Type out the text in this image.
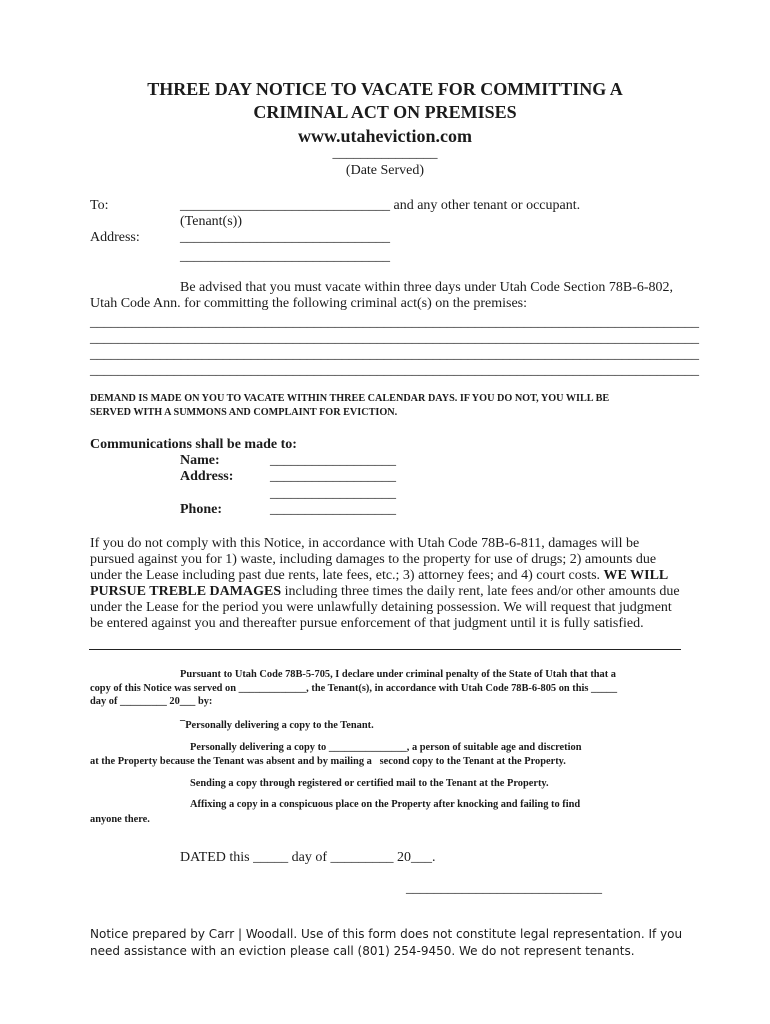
THREE DAY NOTICE TO VACATE FOR COMMITTING A
CRIMINAL ACT ON PREMISES
www.utaheviction.com
_______________
(Date Served)
To:	______________________________ and any other tenant or occupant.
(Tenant(s))
Address:	______________________________
______________________________
Be advised that you must vacate within three days under Utah Code Section 78B-6-802,
Utah Code Ann. for committing the following criminal act(s) on the premises:
_______________________________________________________________________________________
_______________________________________________________________________________________
_______________________________________________________________________________________
_______________________________________________________________________________________
DEMAND IS MADE ON YOU TO VACATE WITHIN THREE CALENDAR DAYS. IF YOU DO NOT, YOU WILL BE
SERVED WITH A SUMMONS AND COMPLAINT FOR EVICTION.
Communications shall be made to:
Name:	__________________
Address:	__________________
__________________
Phone:	__________________
If you do not comply with this Notice, in accordance with Utah Code 78B-6-811, damages will be
pursued against you for 1) waste, including damages to the property for use of drugs; 2) amounts due
under the Lease including past due rents, late fees, etc.; 3) attorney fees; and 4) court costs. WE WILL
PURSUE TREBLE DAMAGES including three times the daily rent, late fees and/or other amounts due
under the Lease for the period you were unlawfully detaining possession. We will request that judgment
be entered against you and thereafter pursue enforcement of that judgment until it is fully satisfied.
Pursuant to Utah Code 78B-5-705, I declare under criminal penalty of the State of Utah that that a
copy of this Notice was served on _____________, the Tenant(s), in accordance with Utah Code 78B-6-805 on this _____
day of _________ 20___ by:
¯Personally delivering a copy to the Tenant.
Personally delivering a copy to _______________, a person of suitable age and discretion
at the Property because the Tenant was absent and by mailing a   second copy to the Tenant at the Property.
Sending a copy through registered or certified mail to the Tenant at the Property.
Affixing a copy in a conspicuous place on the Property after knocking and failing to find
anyone there.
DATED this _____ day of _________ 20___.
____________________________
Notice prepared by Carr | Woodall. Use of this form does not constitute legal representation. If you
need assistance with an eviction please call (801) 254-9450. We do not represent tenants.
